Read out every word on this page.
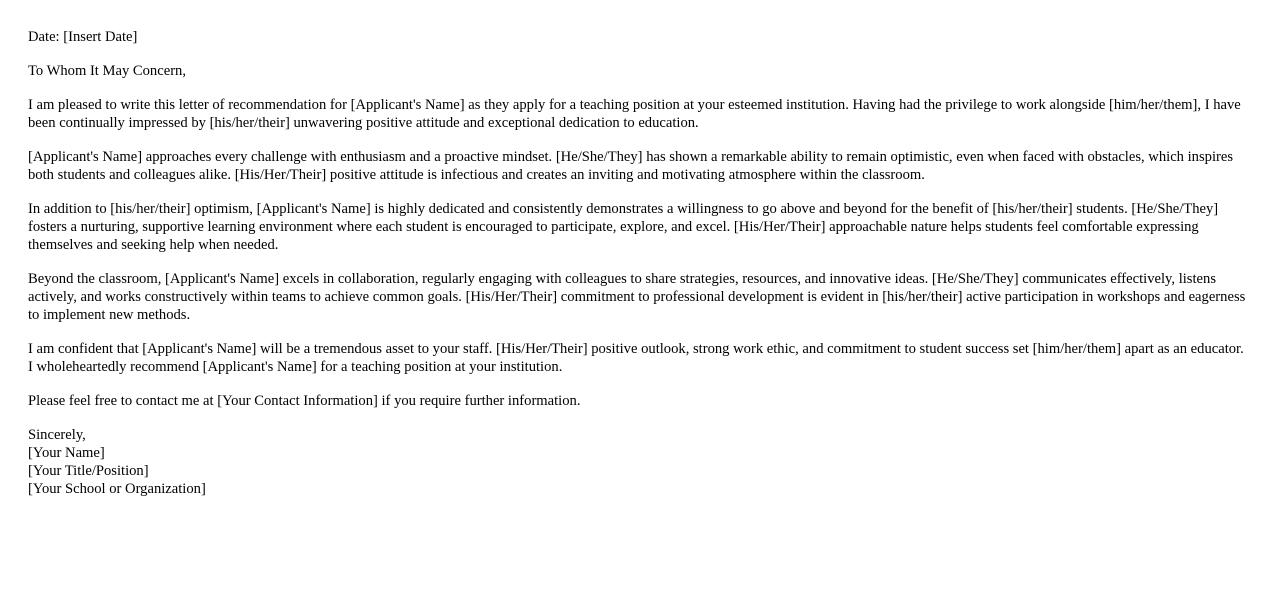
Date: [Insert Date]

To Whom It May Concern,

I am pleased to write this letter of recommendation for [Applicant's Name] as they apply for a teaching position at your esteemed institution. Having had the privilege to work alongside [him/her/them], I have been continually impressed by [his/her/their] unwavering positive attitude and exceptional dedication to education.

[Applicant's Name] approaches every challenge with enthusiasm and a proactive mindset. [He/She/They] has shown a remarkable ability to remain optimistic, even when faced with obstacles, which inspires both students and colleagues alike. [His/Her/Their] positive attitude is infectious and creates an inviting and motivating atmosphere within the classroom.

In addition to [his/her/their] optimism, [Applicant's Name] is highly dedicated and consistently demonstrates a willingness to go above and beyond for the benefit of [his/her/their] students. [He/She/They] fosters a nurturing, supportive learning environment where each student is encouraged to participate, explore, and excel. [His/Her/Their] approachable nature helps students feel comfortable expressing themselves and seeking help when needed.

Beyond the classroom, [Applicant's Name] excels in collaboration, regularly engaging with colleagues to share strategies, resources, and innovative ideas. [He/She/They] communicates effectively, listens actively, and works constructively within teams to achieve common goals. [His/Her/Their] commitment to professional development is evident in [his/her/their] active participation in workshops and eagerness to implement new methods.

I am confident that [Applicant's Name] will be a tremendous asset to your staff. [His/Her/Their] positive outlook, strong work ethic, and commitment to student success set [him/her/them] apart as an educator. I wholeheartedly recommend [Applicant's Name] for a teaching position at your institution.

Please feel free to contact me at [Your Contact Information] if you require further information.

Sincerely,
[Your Name]
[Your Title/Position]
[Your School or Organization]
